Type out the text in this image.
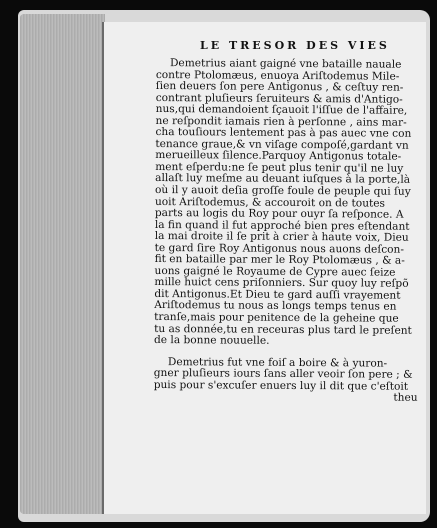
LE TRESOR DES VIES
Demetrius aiant gaigné vne bataille nauale
contre Ptolomæus, enuoya Ariſtodemus Mile-
ſien deuers ſon pere Antigonus , & ceſtuy ren-
contrant pluſieurs ſeruiteurs & amis d'Antigo-
nus,qui demandoient ſçauoit l'iſſue de l'affaire,
ne reſpondit iamais rien à perſonne , ains mar-
cha touſiours lentement pas à pas auec vne con
tenance graue,& vn viſage compoſé,gardant vn
merueilleux ſilence.Parquoy Antigonus totale-
ment eſperdu:ne ſe peut plus tenir qu'il ne luy
allaſt luy meſme au deuant iuſques à la porte,là
où il y auoit deſia groſſe foule de peuple qui ſuy
uoit Ariſtodemus, & accouroit on de toutes
parts au logis du Roy pour ouyr ſa reſponce. A
la fin quand il fut approché bien pres eſtendant
la mai droite il ſe prit à crier à haute voix, Dieu
te gard ſire Roy Antigonus nous auons deſcon-
fit en bataille par mer le Roy Ptolomæus , & a-
uons gaigné le Royaume de Cypre auec ſeize
mille huict cens priſonniers. Sur quoy luy reſpõ
dit Antigonus.Et Dieu te gard auſſi vrayement
Ariſtodemus tu nous as longs temps tenus en
tranſe,mais pour penitence de la geheine que
tu as donnée,tu en receuras plus tard le preſent
de la bonne nouuelle.
Demetrius fut vne foiſ a boire & à yuron-
gner pluſieurs iours ſans aller veoir ſon pere ; &
puis pour s'excuſer enuers luy il dit que c'eſtoit
theu
